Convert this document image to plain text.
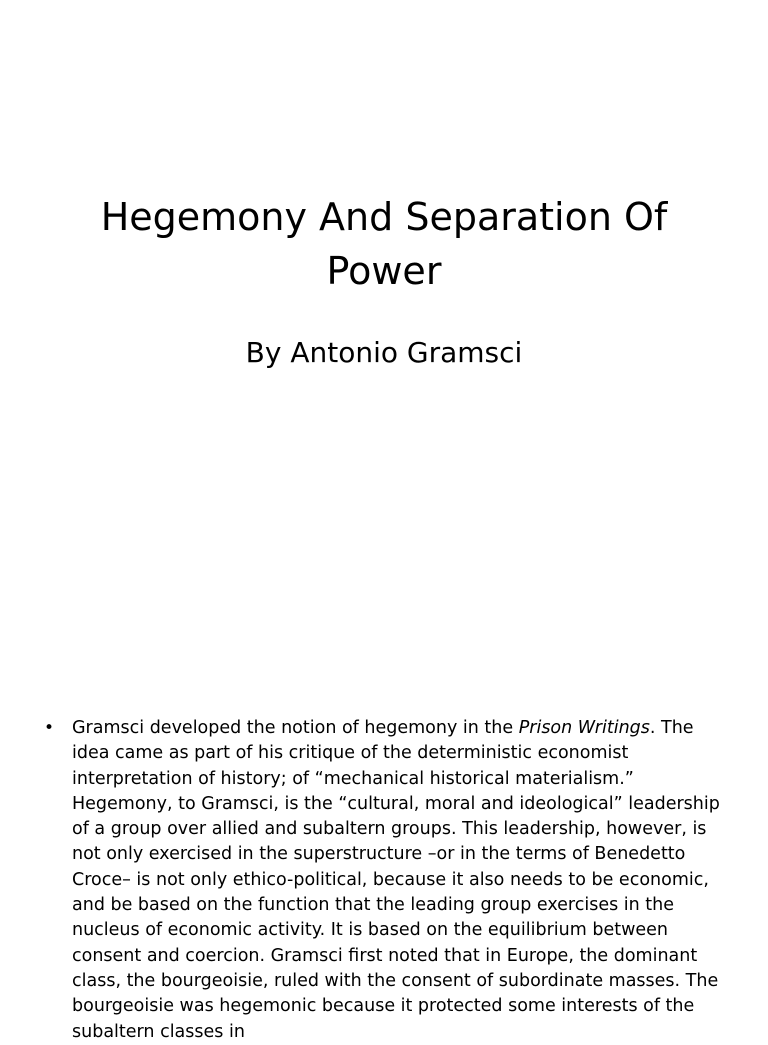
Hegemony And Separation Of
Power

By Antonio Gramsci

• Gramsci developed the notion of hegemony in the Prison Writings. The idea came as part of his critique of the deterministic economist interpretation of history; of “mechanical historical materialism.” Hegemony, to Gramsci, is the “cultural, moral and ideological” leadership of a group over allied and subaltern groups. This leadership, however, is not only exercised in the superstructure –or in the terms of Benedetto Croce– is not only ethico-political, because it also needs to be economic, and be based on the function that the leading group exercises in the nucleus of economic activity. It is based on the equilibrium between consent and coercion. Gramsci first noted that in Europe, the dominant class, the bourgeoisie, ruled with the consent of subordinate masses. The bourgeoisie was hegemonic because it protected some interests of the subaltern classes in
